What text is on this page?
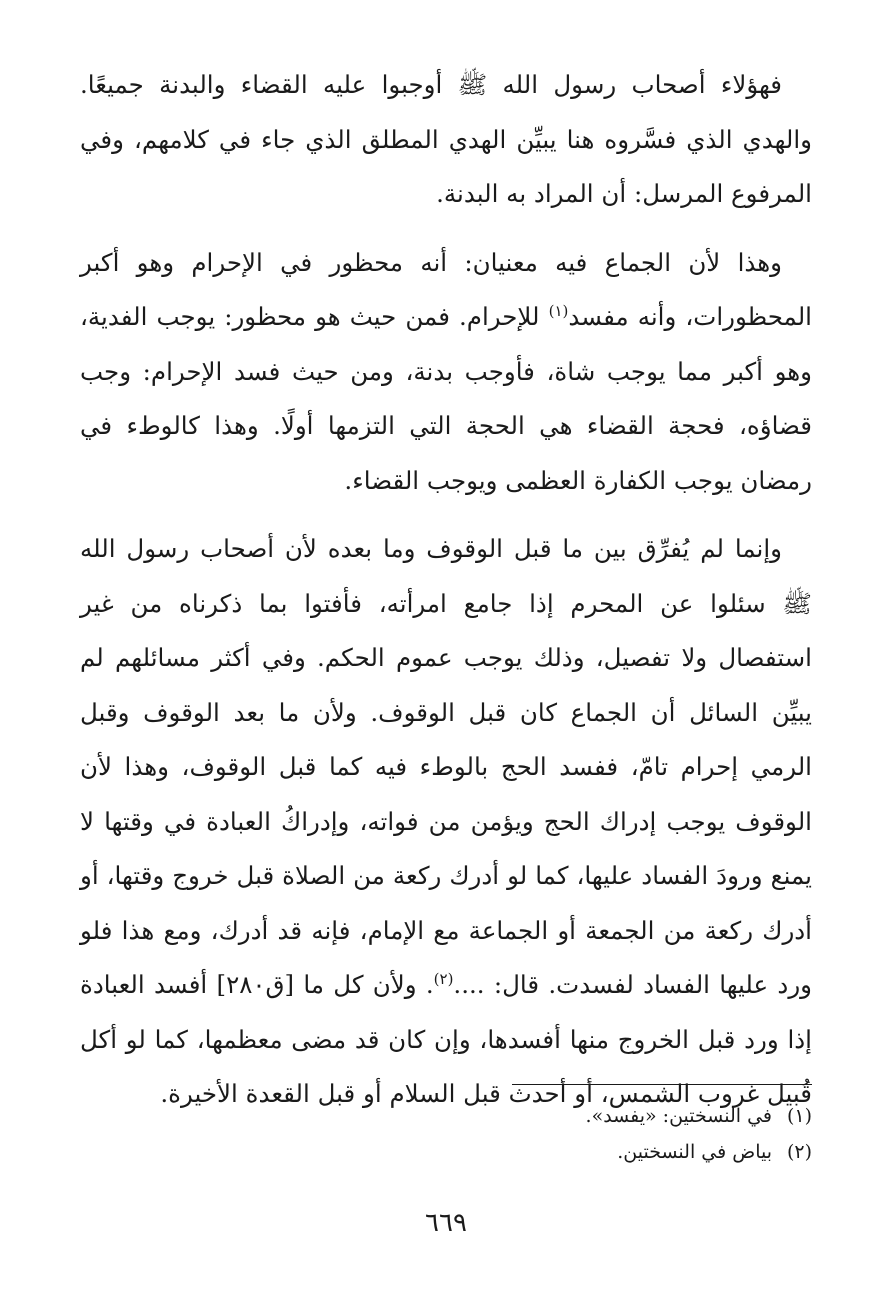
فهؤلاء أصحاب رسول الله ﷺ أوجبوا عليه القضاء والبدنة جميعًا. والهدي الذي فسَّروه هنا يبيِّن الهدي المطلق الذي جاء في كلامهم، وفي المرفوع المرسل: أن المراد به البدنة.

وهذا لأن الجماع فيه معنيان: أنه محظور في الإحرام وهو أكبر المحظورات، وأنه مفسد$^{(١)}$ للإحرام. فمن حيث هو محظور: يوجب الفدية، وهو أكبر مما يوجب شاة، فأوجب بدنة، ومن حيث فسد الإحرام: وجب قضاؤه، فحجة القضاء هي الحجة التي التزمها أولًا. وهذا كالوطء في رمضان يوجب الكفارة العظمى ويوجب القضاء.

وإنما لم يُفرِّق بين ما قبل الوقوف وما بعده لأن أصحاب رسول الله ﷺ سئلوا عن المحرم إذا جامع امرأته، فأفتوا بما ذكرناه من غير استفصال ولا تفصيل، وذلك يوجب عموم الحكم. وفي أكثر مسائلهم لم يبيِّن السائل أن الجماع كان قبل الوقوف. ولأن ما بعد الوقوف وقبل الرمي إحرام تامّ، ففسد الحج بالوطء فيه كما قبل الوقوف، وهذا لأن الوقوف يوجب إدراك الحج ويؤمن من فواته، وإدراكُ العبادة في وقتها لا يمنع ورودَ الفساد عليها، كما لو أدرك ركعة من الصلاة قبل خروج وقتها، أو أدرك ركعة من الجمعة أو الجماعة مع الإمام، فإنه قد أدرك، ومع هذا فلو ورد عليها الفساد لفسدت. قال: ....$^{(٢)}$. ولأن كل ما [ق٢٨٠] أفسد العبادة إذا ورد قبل الخروج منها أفسدها، وإن كان قد مضى معظمها، كما لو أكل قُبيل غروب الشمس، أو أحدث قبل السلام أو قبل القعدة الأخيرة.

(١)في النسختين: «يفسد».

(٢)بياض في النسختين.

٦٦٩
